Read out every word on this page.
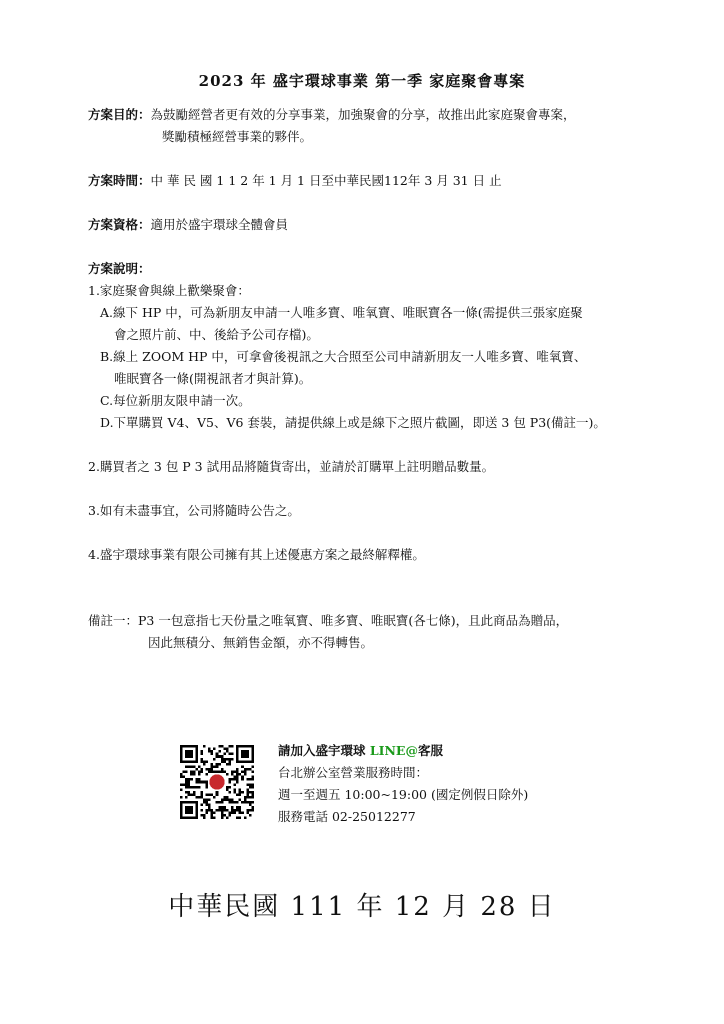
2023 年 盛宇環球事業 第一季 家庭聚會專案
方案目的：為鼓勵經營者更有效的分享事業，加強聚會的分享，故推出此家庭聚會專案，
獎勵積極經營事業的夥伴。
方案時間：中 華 民 國 1 1 2 年 1 月 1 日至中華民國112年 3 月 31 日 止
方案資格：適用於盛宇環球全體會員
方案說明：
1.家庭聚會與線上歡樂聚會：
A.線下 HP 中，可為新朋友申請一人唯多寶、唯氧寶、唯眠寶各一條(需提供三張家庭聚
會之照片前、中、後給予公司存檔)。
B.線上 ZOOM HP 中，可拿會後視訊之大合照至公司申請新朋友一人唯多寶、唯氧寶、
唯眠寶各一條(開視訊者才與計算)。
C.每位新朋友限申請一次。
D.下單購買 V4、V5、V6 套裝，請提供線上或是線下之照片截圖，即送 3 包 P3(備註一)。
2.購買者之 3 包 P 3 試用品將隨貨寄出，並請於訂購單上註明贈品數量。
3.如有未盡事宜，公司將隨時公告之。
4.盛宇環球事業有限公司擁有其上述優惠方案之最終解釋權。
備註一：P3 一包意指七天份量之唯氧寶、唯多寶、唯眠寶(各七條)，且此商品為贈品，
因此無積分、無銷售金額，亦不得轉售。
請加入盛宇環球 LINE@客服
台北辦公室營業服務時間：
週一至週五 10:00~19:00 (國定例假日除外)
服務電話 02-25012277
中華民國 111 年 12 月 28 日
